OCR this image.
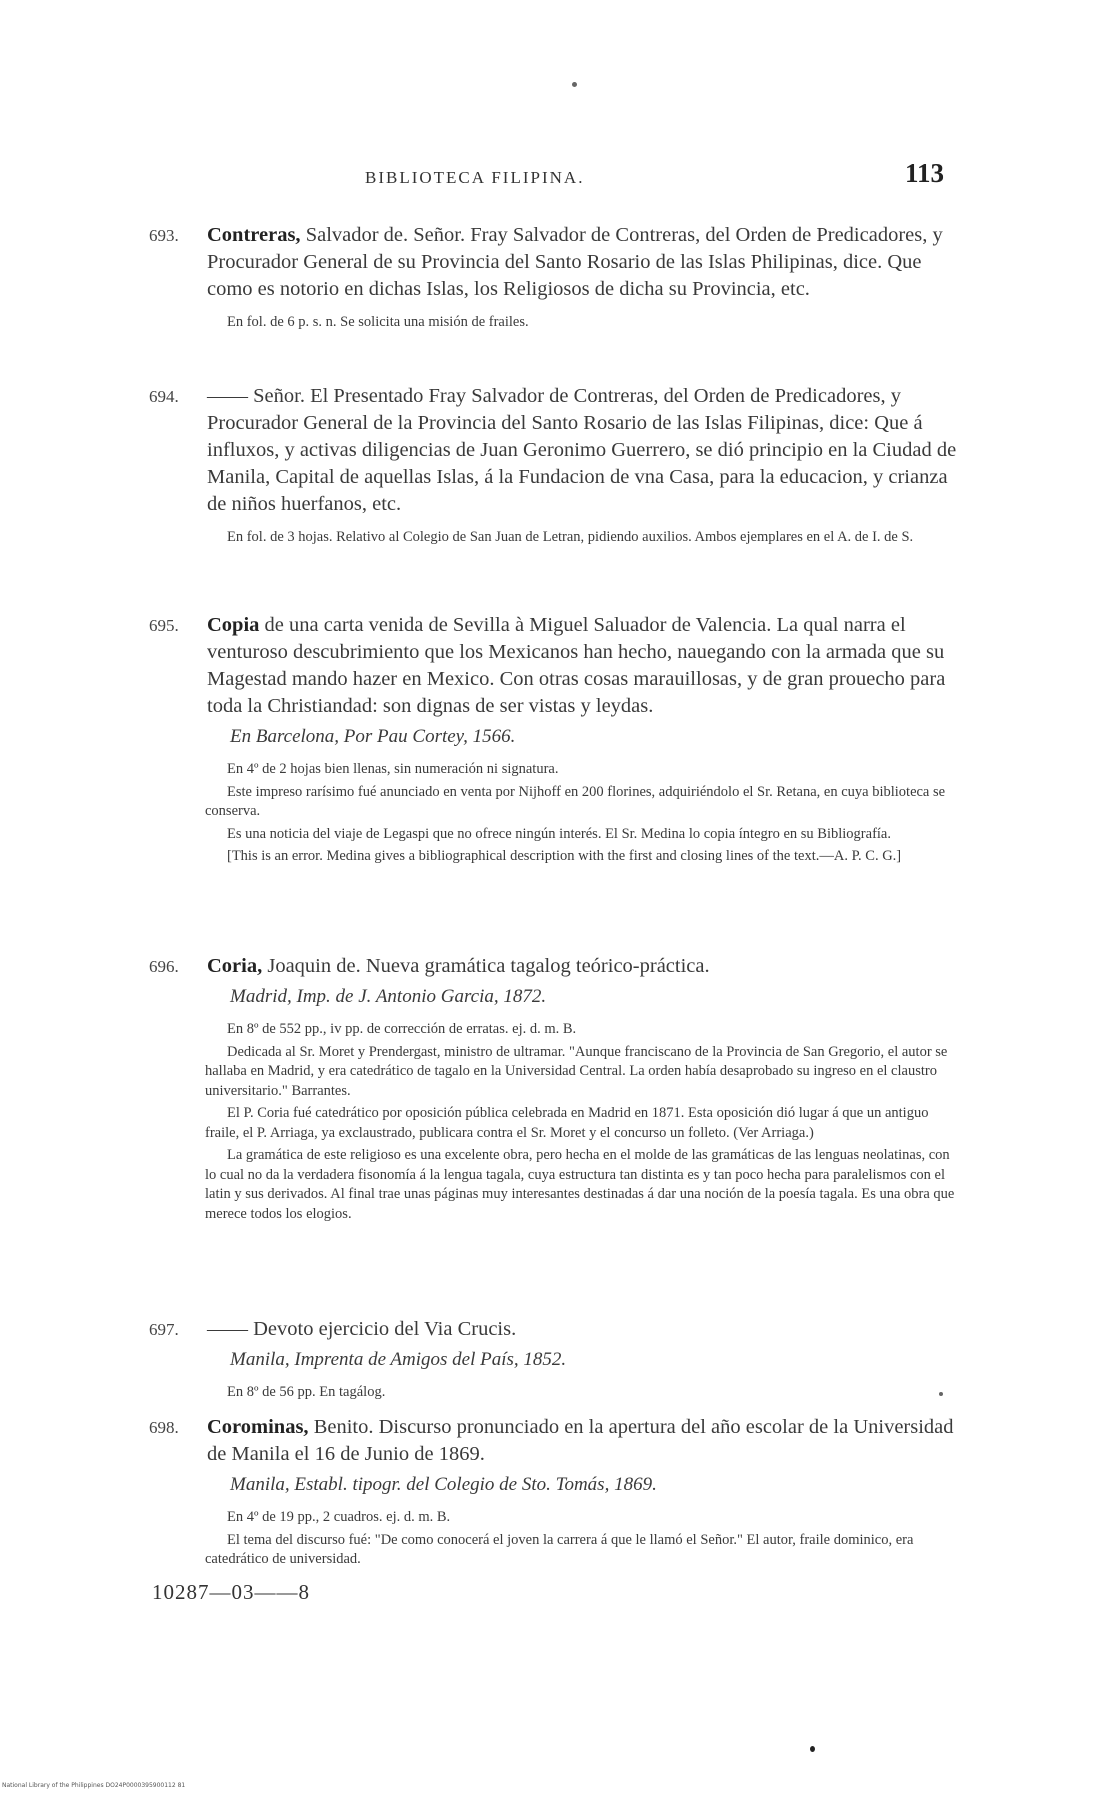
BIBLIOTECA FILIPINA.	113
693. Contreras, Salvador de. Señor. Fray Salvador de Contreras, del Orden de Predicadores, y Procurador General de su Provincia del Santo Rosario de las Islas Philipinas, dice. Que como es notorio en dichas Islas, los Religiosos de dicha su Provincia, etc.
En fol. de 6 p. s. n. Se solicita una misión de frailes.
694. —— Señor. El Presentado Fray Salvador de Contreras, del Orden de Predicadores, y Procurador General de la Provincia del Santo Rosario de las Islas Filipinas, dice: Que á influxos, y activas diligencias de Juan Geronimo Guerrero, se dió principio en la Ciudad de Manila, Capital de aquellas Islas, á la Fundacion de vna Casa, para la educacion, y crianza de niños huerfanos, etc.
En fol. de 3 hojas. Relativo al Colegio de San Juan de Letran, pidiendo auxilios. Ambos ejemplares en el A. de I. de S.
695. Copia de una carta venida de Sevilla à Miguel Saluador de Valencia. La qual narra el venturoso descubrimiento que los Mexicanos han hecho, nauegando con la armada que su Magestad mando hazer en Mexico. Con otras cosas marauillosas, y de gran prouecho para toda la Christiandad: son dignas de ser vistas y leydas.
En Barcelona, Por Pau Cortey, 1566.
En 4º de 2 hojas bien llenas, sin numeración ni signatura.
Este impreso rarísimo fué anunciado en venta por Nijhoff en 200 florines, adquiriéndolo el Sr. Retana, en cuya biblioteca se conserva.
Es una noticia del viaje de Legaspi que no ofrece ningún interés. El Sr. Medina lo copia íntegro en su Bibliografía.
[This is an error. Medina gives a bibliographical description with the first and closing lines of the text.—A. P. C. G.]
696. Coria, Joaquin de. Nueva gramática tagalog teórico-práctica.
Madrid, Imp. de J. Antonio Garcia, 1872.
En 8º de 552 pp., iv pp. de corrección de erratas. ej. d. m. B.
Dedicada al Sr. Moret y Prendergast, ministro de ultramar. "Aunque franciscano de la Provincia de San Gregorio, el autor se hallaba en Madrid, y era catedrático de tagalo en la Universidad Central. La orden había desaprobado su ingreso en el claustro universitario." Barrantes.
El P. Coria fué catedrático por oposición pública celebrada en Madrid en 1871. Esta oposición dió lugar á que un antiguo fraile, el P. Arriaga, ya exclaustrado, publicara contra el Sr. Moret y el concurso un folleto. (Ver Arriaga.)
La gramática de este religioso es una excelente obra, pero hecha en el molde de las gramáticas de las lenguas neolatinas, con lo cual no da la verdadera fisonomía á la lengua tagala, cuya estructura tan distinta es y tan poco hecha para paralelismos con el latin y sus derivados. Al final trae unas páginas muy interesantes destinadas á dar una noción de la poesía tagala. Es una obra que merece todos los elogios.
697. —— Devoto ejercicio del Via Crucis.
Manila, Imprenta de Amigos del País, 1852.
En 8º de 56 pp. En tagálog.
698. Corominas, Benito. Discurso pronunciado en la apertura del año escolar de la Universidad de Manila el 16 de Junio de 1869.
Manila, Establ. tipogr. del Colegio de Sto. Tomás, 1869.
En 4º de 19 pp., 2 cuadros. ej. d. m. B.
El tema del discurso fué: "De como conocerá el joven la carrera á que le llamó el Señor." El autor, fraile dominico, era catedrático de universidad.
10287—03——8
National Library of the Philippines DO24P0000395900112 81
